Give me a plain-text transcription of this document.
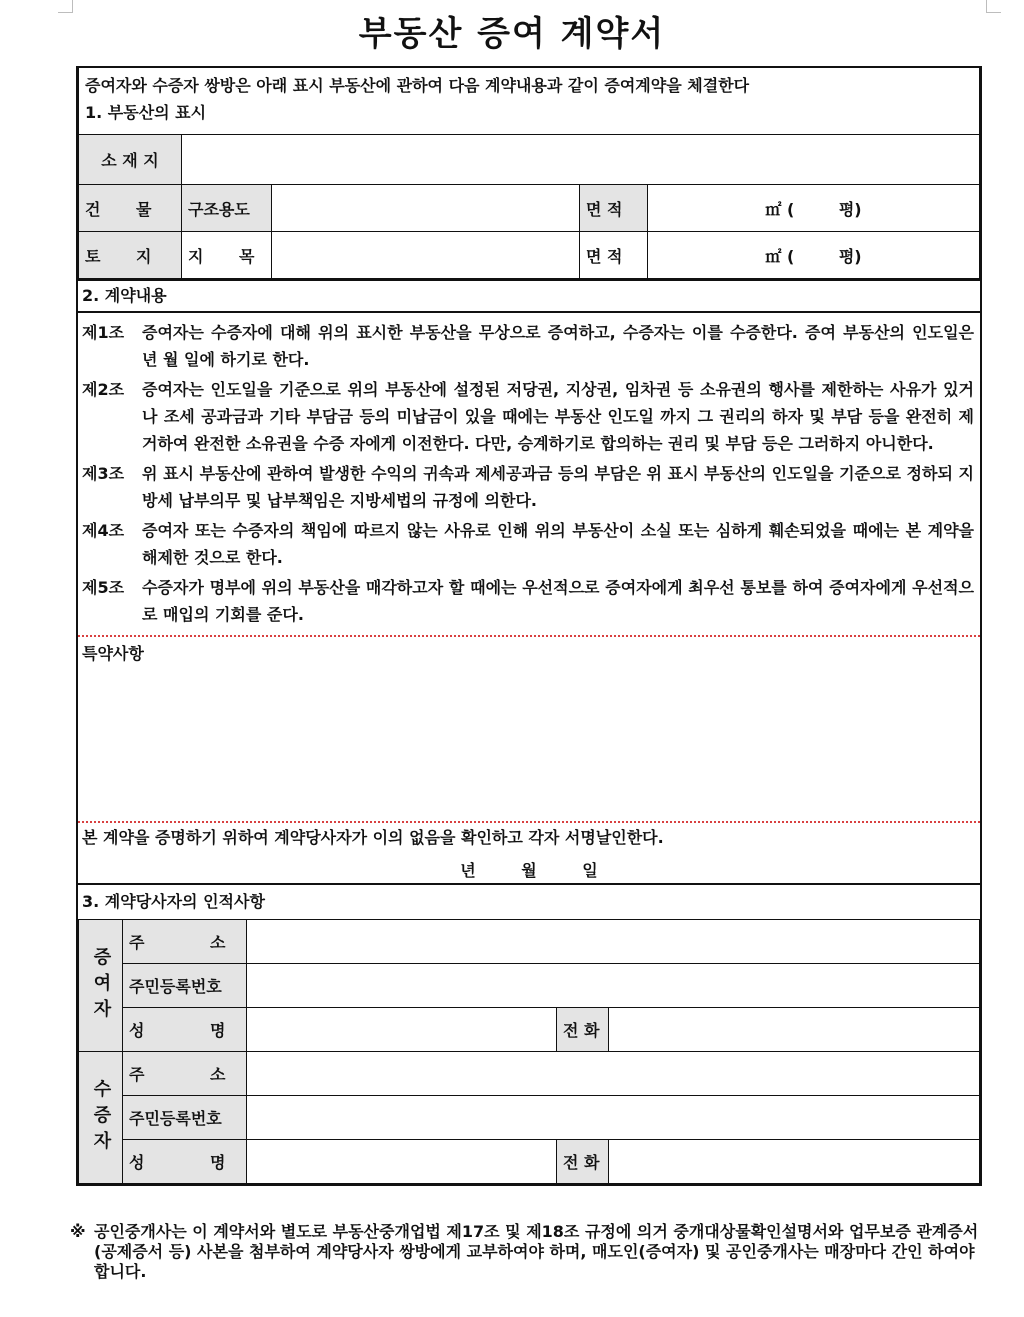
부동산 증여 계약서
증여자와 수증자 쌍방은 아래 표시 부동산에 관하여 다음 계약내용과 같이 증여계약을 체결한다
1. 부동산의 표시				

소 재 지				
건 물	구조용도		면 적	㎡ (        평)
토 지	지 목		면 적	㎡ (        평)
2. 계약내용
제1조	증여자는 수증자에 대해 위의 표시한 부동산을 무상으로 증여하고, 수증자는 이를 수증한다. 증여 부동산의 인도일은 년 월 일에 하기로 한다.
제2조	증여자는 인도일을 기준으로 위의 부동산에 설정된 저당권, 지상권, 임차권 등 소유권의 행사를 제한하는 사유가 있거나 조세 공과금과 기타 부담금 등의 미납금이 있을 때에는 부동산 인도일 까지 그 권리의 하자 및 부담 등을 완전히 제거하여 완전한 소유권을 수증 자에게 이전한다. 다만, 승계하기로 합의하는 권리 및 부담 등은 그러하지 아니한다.
제3조	위 표시 부동산에 관하여 발생한 수익의 귀속과 제세공과금 등의 부담은 위 표시 부동산의 인도일을 기준으로 정하되 지방세 납부의무 및 납부책임은 지방세법의 규정에 의한다.
제4조	증여자 또는 수증자의 책임에 따르지 않는 사유로 인해 위의 부동산이 소실 또는 심하게 훼손되었을 때에는 본 계약을 해제한 것으로 한다.
제5조	수증자가 명부에 위의 부동산을 매각하고자 할 때에는 우선적으로 증여자에게 최우선 통보를 하여 증여자에게 우선적으로 매입의 기회를 준다.
특약사항
본 계약을 증명하기 위하여 계약당사자가 이의 없음을 확인하고 각자 서명날인한다.
년 월 일
3. 계약당사자의 인적사항
증여자	주 소			
	주민등록번호			
	성 명		전 화	
수증자	주 소			
	주민등록번호			
	성 명		전 화	
※ 공인중개사는 이 계약서와 별도로 부동산중개업법 제17조 및 제18조 규정에 의거 중개대상물확인설명서와 업무보증 관계증서(공제증서 등) 사본을 첨부하여 계약당사자 쌍방에게 교부하여야 하며, 매도인(증여자) 및 공인중개사는 매장마다 간인 하여야 합니다.
